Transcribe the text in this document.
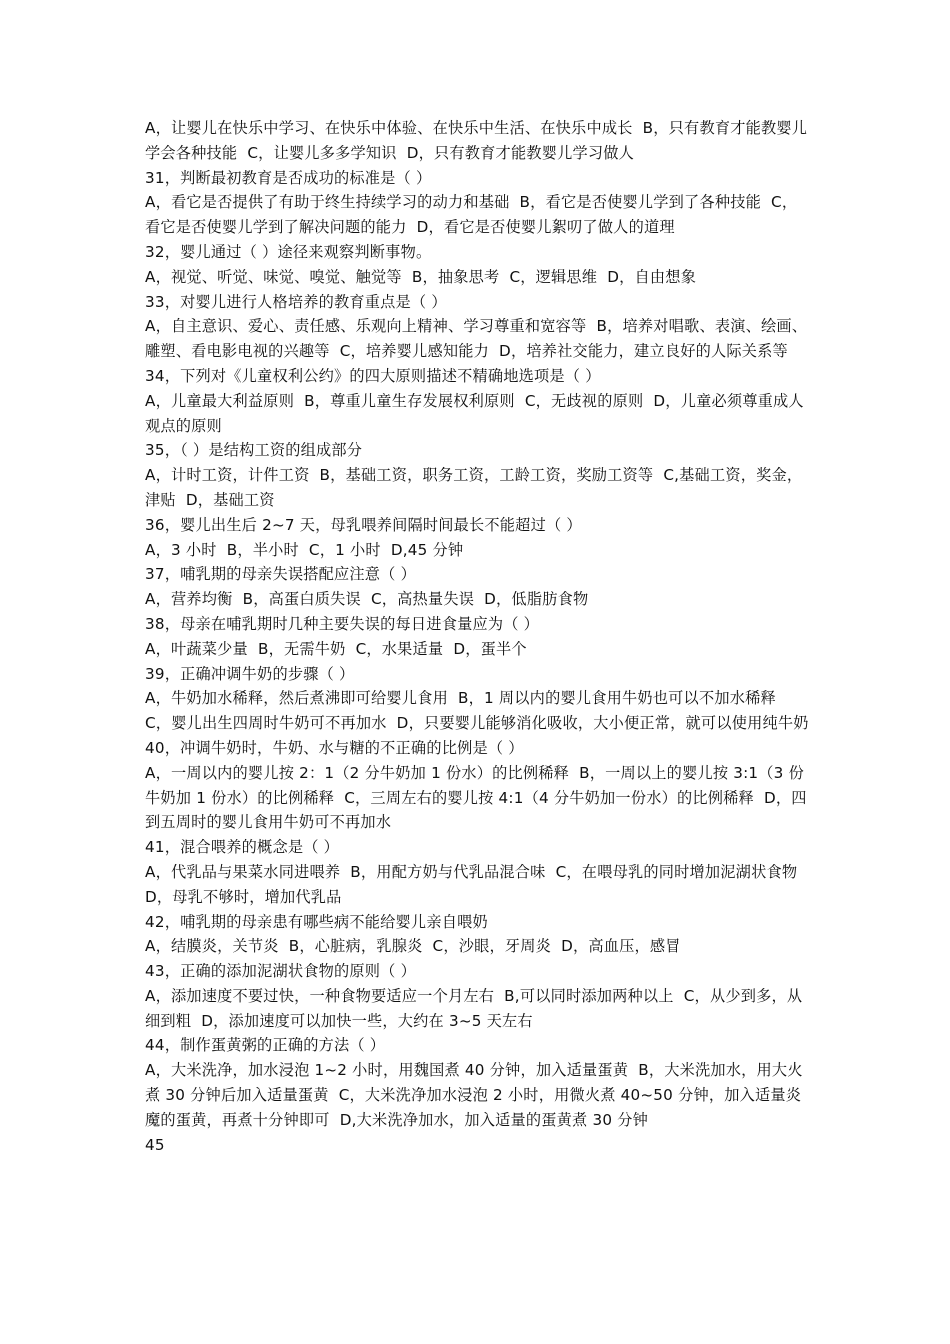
A，让婴儿在快乐中学习、在快乐中体验、在快乐中生活、在快乐中成长  B，只有教育才能教婴儿学会各种技能  C，让婴儿多多学知识  D，只有教育才能教婴儿学习做人

31，判断最初教育是否成功的标准是（ ）

A，看它是否提供了有助于终生持续学习的动力和基础  B，看它是否使婴儿学到了各种技能  C，看它是否使婴儿学到了解决问题的能力  D，看它是否使婴儿絮叨了做人的道理

32，婴儿通过（ ）途径来观察判断事物。

A，视觉、听觉、味觉、嗅觉、触觉等  B，抽象思考  C，逻辑思维  D，自由想象

33，对婴儿进行人格培养的教育重点是（ ）

A，自主意识、爱心、责任感、乐观向上精神、学习尊重和宽容等  B，培养对唱歌、表演、绘画、雕塑、看电影电视的兴趣等  C，培养婴儿感知能力  D，培养社交能力，建立良好的人际关系等

34，下列对《儿童权利公约》的四大原则描述不精确地选项是（ ）

A，儿童最大利益原则  B，尊重儿童生存发展权利原则  C，无歧视的原则  D，儿童必须尊重成人观点的原则

35，（ ）是结构工资的组成部分

A，计时工资，计件工资  B，基础工资，职务工资，工龄工资，奖励工资等  C,基础工资，奖金，津贴  D，基础工资

36，婴儿出生后 2~7 天，母乳喂养间隔时间最长不能超过（ ）

A，3 小时  B，半小时  C，1 小时  D,45 分钟

37，哺乳期的母亲失误搭配应注意（ ）

A，营养均衡  B，高蛋白质失误  C，高热量失误  D，低脂肪食物

38，母亲在哺乳期时几种主要失误的每日进食量应为（ ）

A，叶蔬菜少量  B，无需牛奶  C，水果适量  D，蛋半个

39，正确冲调牛奶的步骤（ ）

A，牛奶加水稀释，然后煮沸即可给婴儿食用  B，1 周以内的婴儿食用牛奶也可以不加水稀释  C，婴儿出生四周时牛奶可不再加水  D，只要婴儿能够消化吸收，大小便正常，就可以使用纯牛奶

40，冲调牛奶时，牛奶、水与糖的不正确的比例是（ ）

A，一周以内的婴儿按 2：1（2 分牛奶加 1 份水）的比例稀释  B，一周以上的婴儿按 3:1（3 份牛奶加 1 份水）的比例稀释  C，三周左右的婴儿按 4:1（4 分牛奶加一份水）的比例稀释  D，四到五周时的婴儿食用牛奶可不再加水

41，混合喂养的概念是（ ）

A，代乳品与果菜水同进喂养  B，用配方奶与代乳品混合味  C，在喂母乳的同时增加泥湖状食物  D，母乳不够时，增加代乳品

42，哺乳期的母亲患有哪些病不能给婴儿亲自喂奶

A，结膜炎，关节炎  B，心脏病，乳腺炎  C，沙眼，牙周炎  D，高血压，感冒

43，正确的添加泥湖状食物的原则（ ）

A，添加速度不要过快，一种食物要适应一个月左右  B,可以同时添加两种以上  C，从少到多，从细到粗  D，添加速度可以加快一些，大约在 3~5 天左右

44，制作蛋黄粥的正确的方法（ ）

A，大米洗净，加水浸泡 1~2 小时，用魏国煮 40 分钟，加入适量蛋黄  B，大米洗加水，用大火煮 30 分钟后加入适量蛋黄  C，大米洗净加水浸泡 2 小时，用微火煮 40~50 分钟，加入适量炎魔的蛋黄，再煮十分钟即可  D,大米洗净加水，加入适量的蛋黄煮 30 分钟

45
